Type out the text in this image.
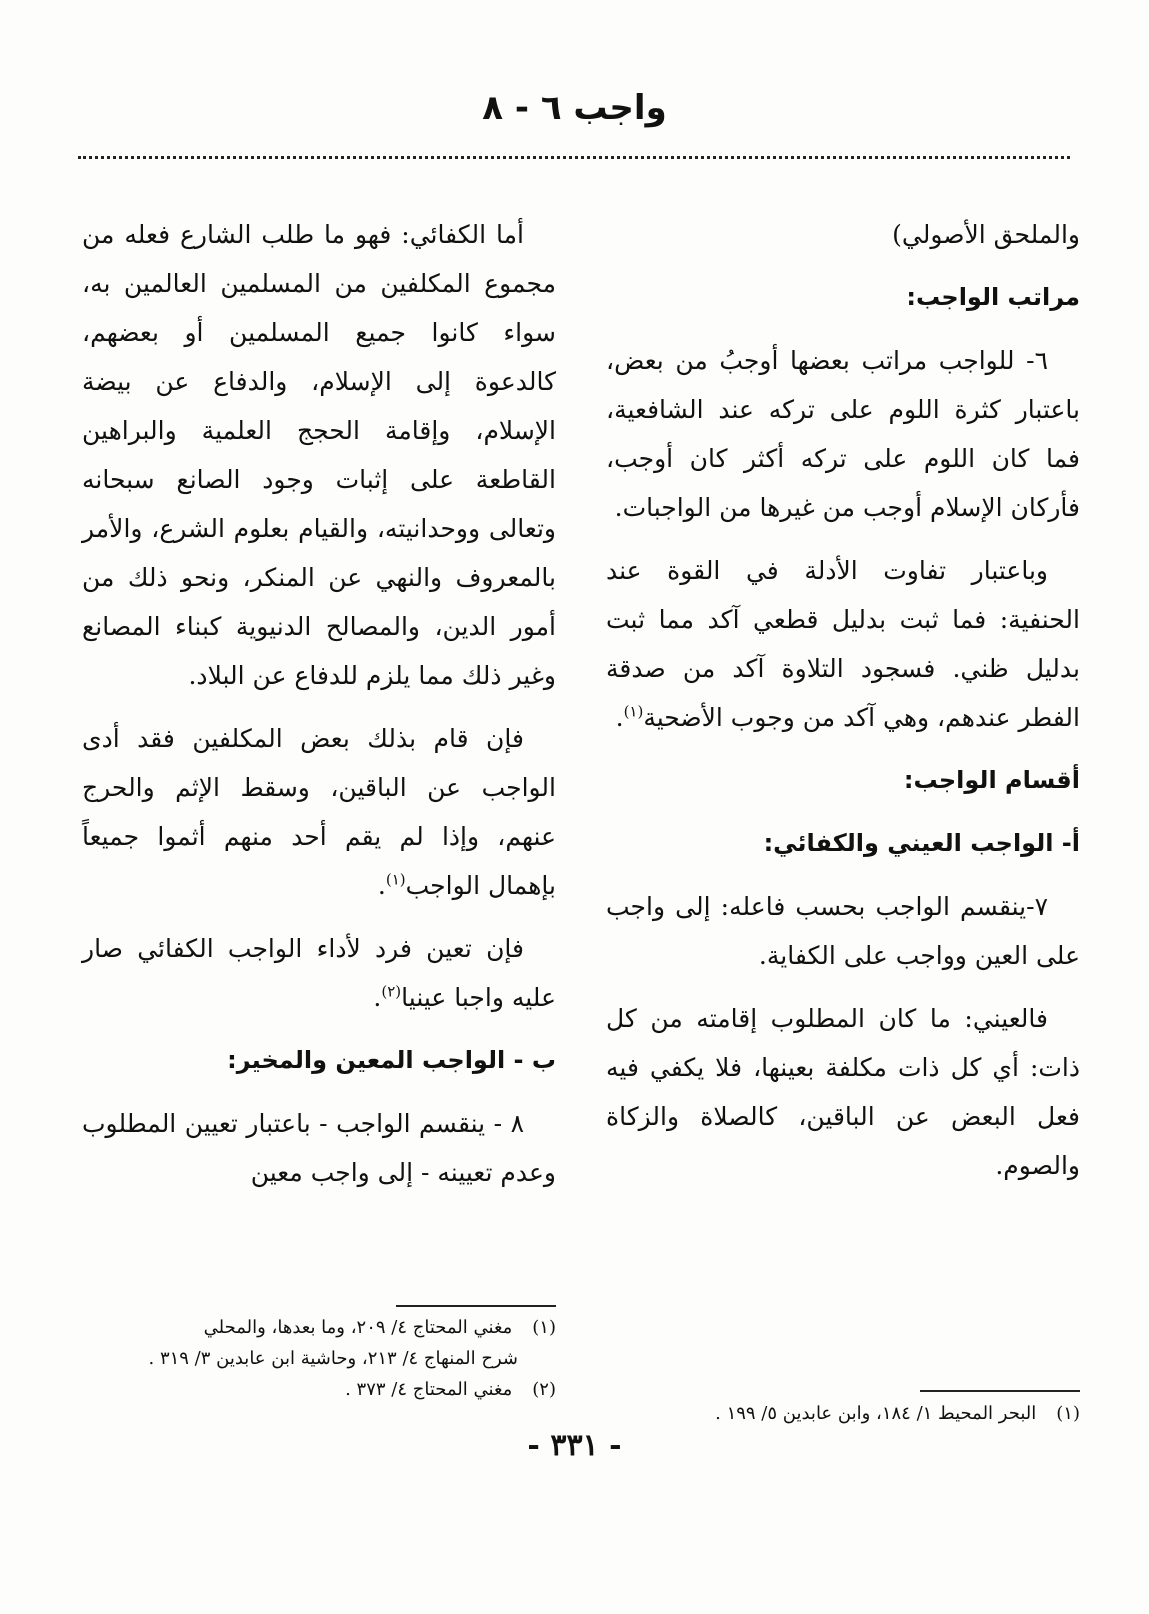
واجب ٦ - ٨

والملحق الأصولي)

مراتب الواجب:

٦- للواجب مراتب بعضها أوجبُ من بعض، باعتبار كثرة اللوم على تركه عند الشافعية، فما كان اللوم على تركه أكثر كان أوجب، فأركان الإسلام أوجب من غيرها من الواجبات.

وباعتبار تفاوت الأدلة في القوة عند الحنفية: فما ثبت بدليل قطعي آكد مما ثبت بدليل ظني. فسجود التلاوة آكد من صدقة الفطر عندهم، وهي آكد من وجوب الأضحية$^{(١)}$.

أقسام الواجب:

أ- الواجب العيني والكفائي:

٧-ينقسم الواجب بحسب فاعله: إلى واجب على العين وواجب على الكفاية.

فالعيني: ما كان المطلوب إقامته من كل ذات: أي كل ذات مكلفة بعينها، فلا يكفي فيه فعل البعض عن الباقين، كالصلاة والزكاة والصوم.

أما الكفائي: فهو ما طلب الشارع فعله من مجموع المكلفين من المسلمين العالمين به، سواء كانوا جميع المسلمين أو بعضهم، كالدعوة إلى الإسلام، والدفاع عن بيضة الإسلام، وإقامة الحجج العلمية والبراهين القاطعة على إثبات وجود الصانع سبحانه وتعالى ووحدانيته، والقيام بعلوم الشرع، والأمر بالمعروف والنهي عن المنكر، ونحو ذلك من أمور الدين، والمصالح الدنيوية كبناء المصانع وغير ذلك مما يلزم للدفاع عن البلاد.

فإن قام بذلك بعض المكلفين فقد أدى الواجب عن الباقين، وسقط الإثم والحرج عنهم، وإذا لم يقم أحد منهم أثموا جميعاً بإهمال الواجب$^{(١)}$.

فإن تعين فرد لأداء الواجب الكفائي صار عليه واجبا عينيا$^{(٢)}$.

ب - الواجب المعين والمخير:

٨ - ينقسم الواجب - باعتبار تعيين المطلوب وعدم تعيينه - إلى واجب معين

(١) البحر المحيط ١/ ١٨٤، وابن عابدين ٥/ ١٩٩ .

(١) مغني المحتاج ٤/ ٢٠٩، وما بعدها، والمحلي

شرح المنهاج ٤/ ٢١٣، وحاشية ابن عابدين ٣/ ٣١٩ .

(٢) مغني المحتاج ٤/ ٣٧٣ .

- ٣٣١ -
